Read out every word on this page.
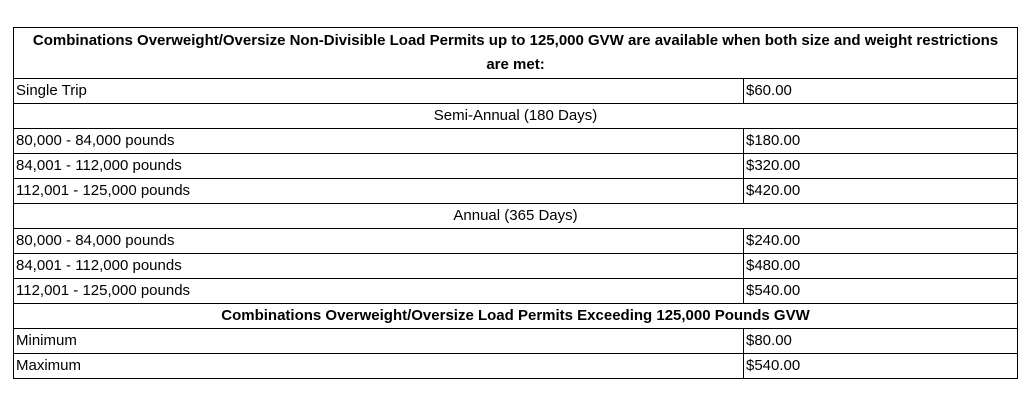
Combinations Overweight/Oversize Non-Divisible Load Permits up to 125,000 GVW are available when both size and weight restrictions are met:	
Single Trip	$60.00
Semi-Annual (180 Days)	
80,000 - 84,000 pounds	$180.00
84,001 - 112,000 pounds	$320.00
112,001 - 125,000 pounds	$420.00
Annual (365 Days)	
80,000 - 84,000 pounds	$240.00
84,001 - 112,000 pounds	$480.00
112,001 - 125,000 pounds	$540.00
Combinations Overweight/Oversize Load Permits Exceeding 125,000 Pounds GVW	
Minimum	$80.00
Maximum	$540.00
